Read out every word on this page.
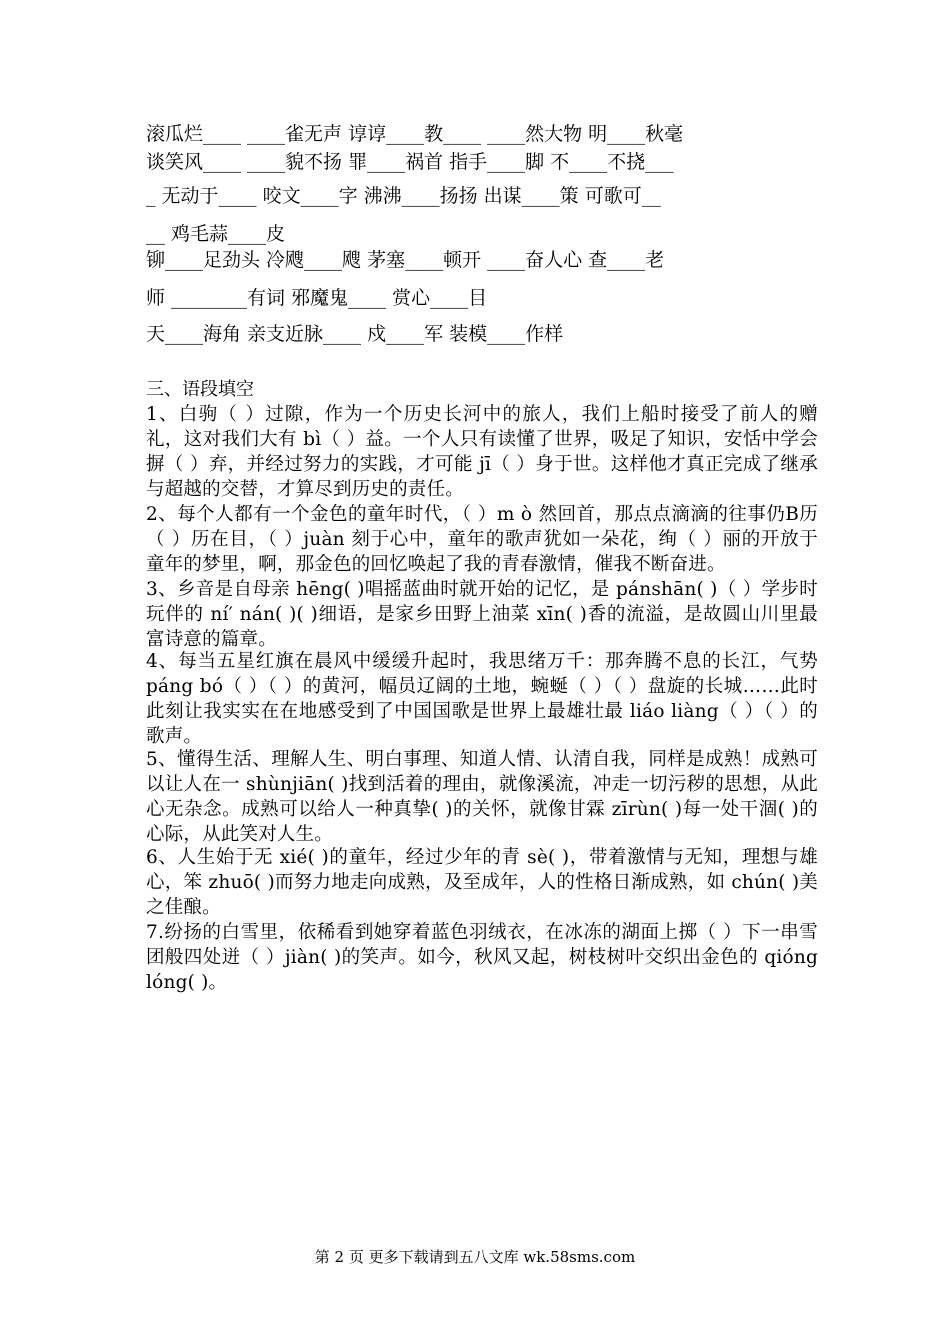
滚瓜烂____ ____雀无声 谆谆____教____ ____然大物 明____秋毫
谈笑风____ ____貌不扬 罪____祸首 指手____脚 不____不挠___
_ 无动于____ 咬文____字 沸沸____扬扬 出谋____策 可歌可__
__ 鸡毛蒜____皮
铆____足劲头 冷飕____飕 茅塞____顿开 ____奋人心 查____老
师 ________有词 邪魔鬼____ 赏心____目
天____海角 亲支近脉____ 戍____军 装模____作样
三、语段填空
1、白驹（ ）过隙，作为一个历史长河中的旅人，我们上船时接受了前人的赠礼，这对我们大有 bì（ ）益。一个人只有读懂了世界，吸足了知识，安恬中学会摒（ ）弃，并经过努力的实践，才可能 jī（ ）身于世。这样他才真正完成了继承与超越的交替，才算尽到历史的责任。
2、每个人都有一个金色的童年时代，（ ）m ò 然回首，那点点滴滴的往事仍B历（ ）历在目，（ ）juàn 刻于心中，童年的歌声犹如一朵花，绚（ ）丽的开放于童年的梦里，啊，那金色的回忆唤起了我的青春激情，催我不断奋进。
3、乡音是自母亲 hēng( )唱摇蓝曲时就开始的记忆，是 pánshān( )（ ）学步时玩伴的 ní′ nán( )( )细语，是家乡田野上油菜 xīn( )香的流溢，是故圆山川里最富诗意的篇章。
4、每当五星红旗在晨风中缓缓升起时，我思绪万千：那奔腾不息的长江，气势 páng bó（ ）（ ）的黄河，幅员辽阔的土地，蜿蜒（ ）（ ）盘旋的长城……此时此刻让我实实在在地感受到了中国国歌是世界上最雄壮最 liáo liàng（ ）（ ）的歌声。
5、懂得生活、理解人生、明白事理、知道人情、认清自我，同样是成熟！成熟可以让人在一 shùnjiān( )找到活着的理由，就像溪流，冲走一切污秽的思想，从此心无杂念。成熟可以给人一种真挚( )的关怀，就像甘霖 zīrùn( )每一处干涸( )的心际，从此笑对人生。
6、人生始于无 xié( )的童年，经过少年的青 sè( )，带着激情与无知，理想与雄心，笨 zhuō( )而努力地走向成熟，及至成年，人的性格日渐成熟，如 chún( )美之佳酿。
7.纷扬的白雪里，依稀看到她穿着蓝色羽绒衣，在冰冻的湖面上掷（ ）下一串雪团般四处迸（ ）jiàn( )的笑声。如今，秋风又起，树枝树叶交织出金色的 qióng lóng( )。
第 2 页 更多下载请到五八文库 wk.58sms.com
